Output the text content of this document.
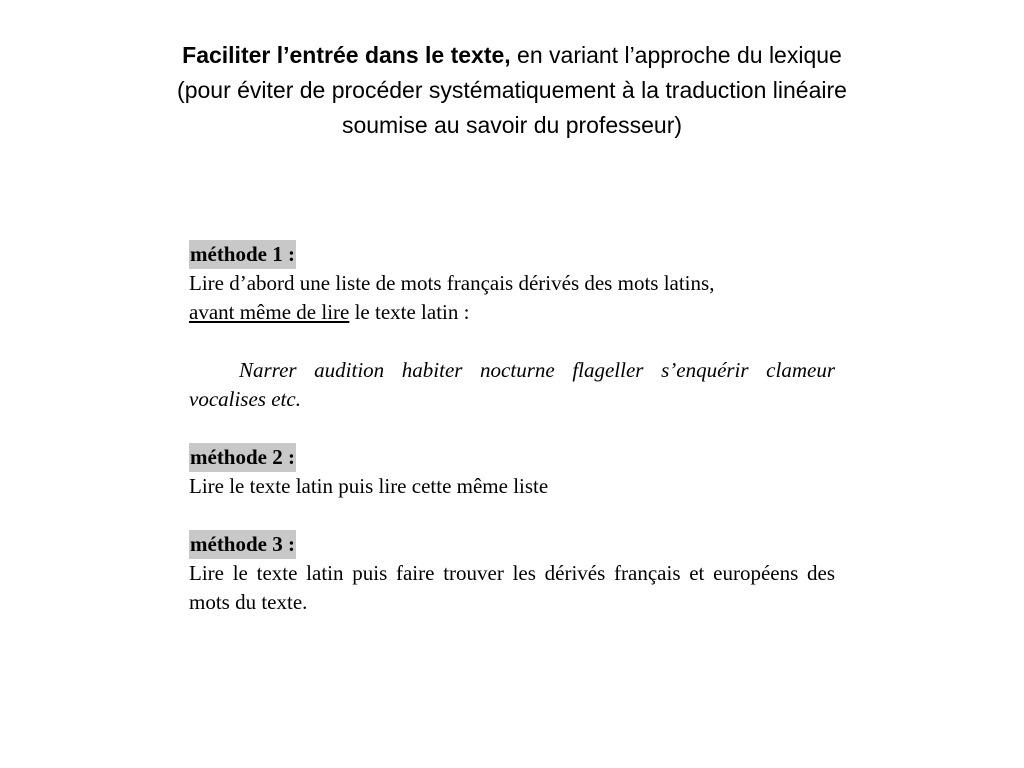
Faciliter l’entrée dans le texte, en variant l’approche du lexique
(pour éviter de procéder systématiquement à la traduction linéaire
soumise au savoir du professeur)
méthode 1 :

Lire d’abord une liste de mots français dérivés des mots latins,
avant même de lire le texte latin :

Narrer audition habiter nocturne flageller s’enquérir clameur vocalises etc.

méthode 2 :

Lire le texte latin puis lire cette même liste

méthode 3 :

Lire le texte latin puis faire trouver les dérivés français et européens des mots du texte.
